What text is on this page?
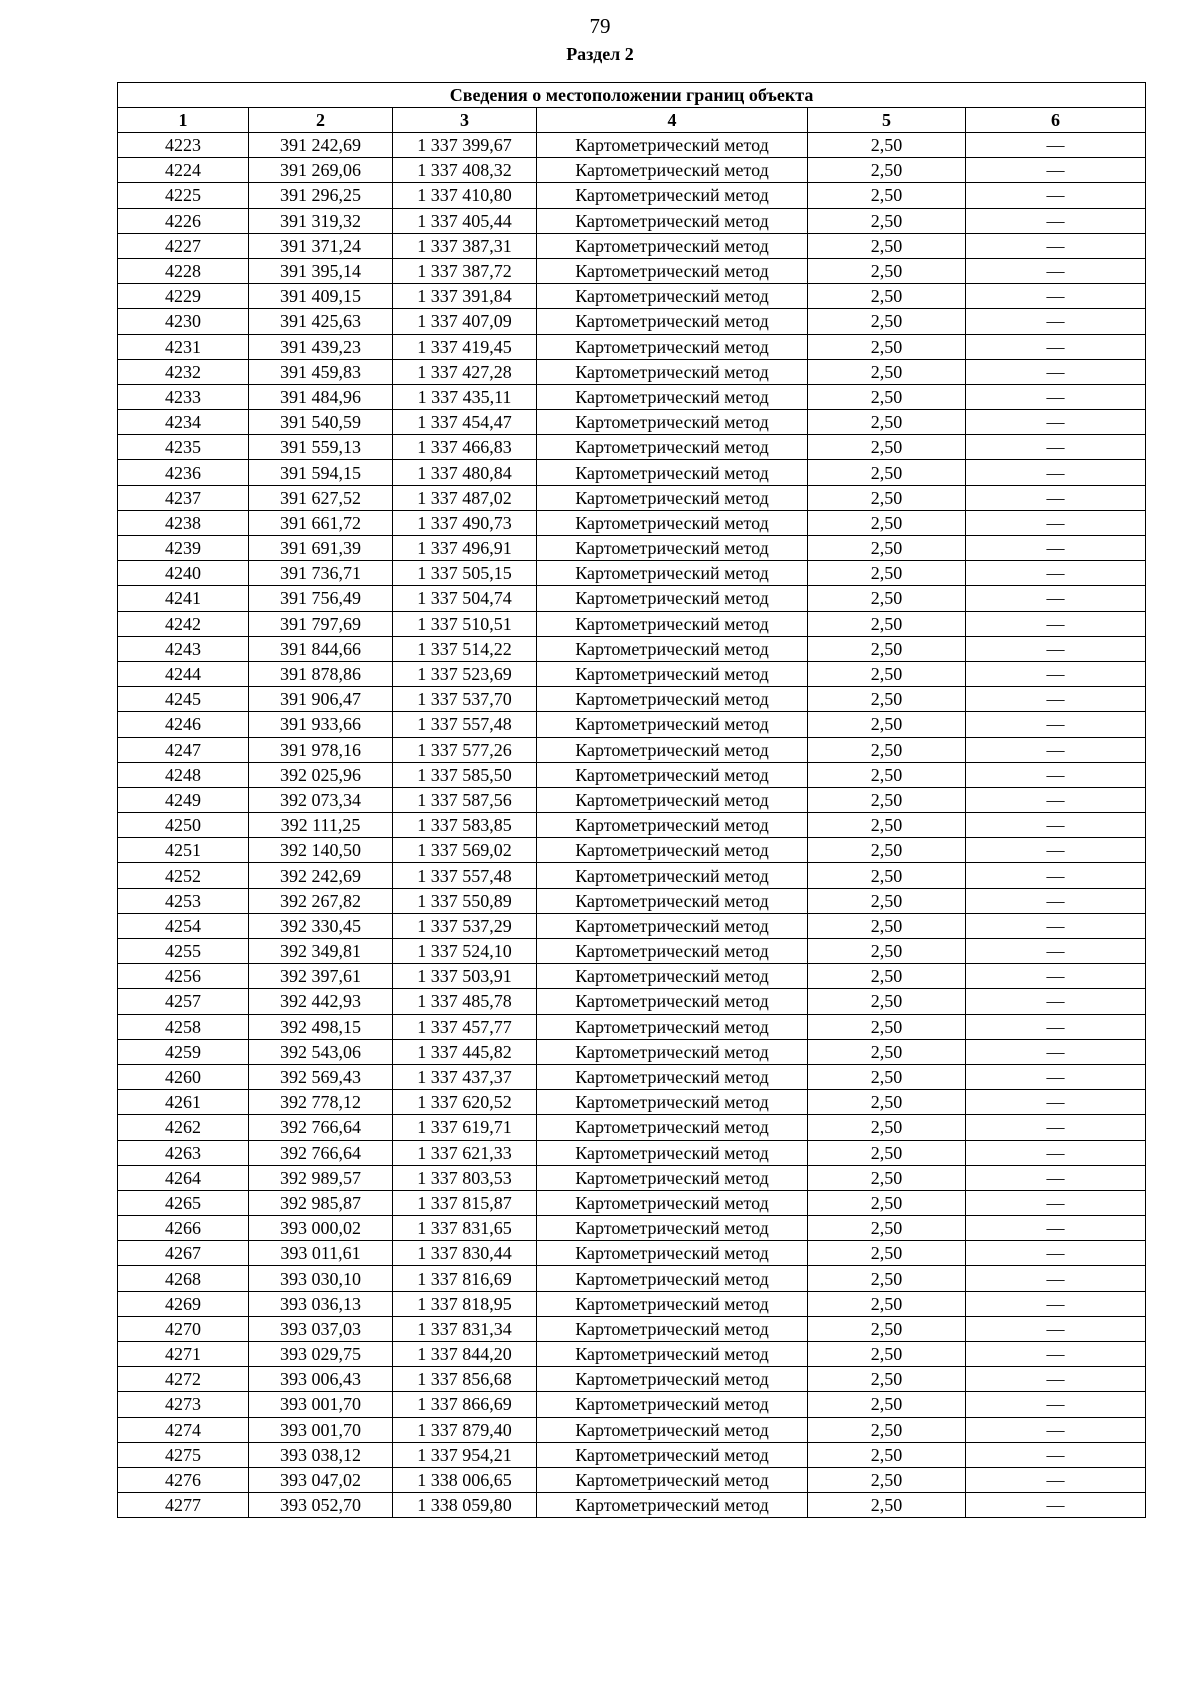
79
Раздел 2
Сведения о местоположении границ объекта					
1	2	3	4	5	6
4223	391 242,69	1 337 399,67	Картометрический метод	2,50	—
4224	391 269,06	1 337 408,32	Картометрический метод	2,50	—
4225	391 296,25	1 337 410,80	Картометрический метод	2,50	—
4226	391 319,32	1 337 405,44	Картометрический метод	2,50	—
4227	391 371,24	1 337 387,31	Картометрический метод	2,50	—
4228	391 395,14	1 337 387,72	Картометрический метод	2,50	—
4229	391 409,15	1 337 391,84	Картометрический метод	2,50	—
4230	391 425,63	1 337 407,09	Картометрический метод	2,50	—
4231	391 439,23	1 337 419,45	Картометрический метод	2,50	—
4232	391 459,83	1 337 427,28	Картометрический метод	2,50	—
4233	391 484,96	1 337 435,11	Картометрический метод	2,50	—
4234	391 540,59	1 337 454,47	Картометрический метод	2,50	—
4235	391 559,13	1 337 466,83	Картометрический метод	2,50	—
4236	391 594,15	1 337 480,84	Картометрический метод	2,50	—
4237	391 627,52	1 337 487,02	Картометрический метод	2,50	—
4238	391 661,72	1 337 490,73	Картометрический метод	2,50	—
4239	391 691,39	1 337 496,91	Картометрический метод	2,50	—
4240	391 736,71	1 337 505,15	Картометрический метод	2,50	—
4241	391 756,49	1 337 504,74	Картометрический метод	2,50	—
4242	391 797,69	1 337 510,51	Картометрический метод	2,50	—
4243	391 844,66	1 337 514,22	Картометрический метод	2,50	—
4244	391 878,86	1 337 523,69	Картометрический метод	2,50	—
4245	391 906,47	1 337 537,70	Картометрический метод	2,50	—
4246	391 933,66	1 337 557,48	Картометрический метод	2,50	—
4247	391 978,16	1 337 577,26	Картометрический метод	2,50	—
4248	392 025,96	1 337 585,50	Картометрический метод	2,50	—
4249	392 073,34	1 337 587,56	Картометрический метод	2,50	—
4250	392 111,25	1 337 583,85	Картометрический метод	2,50	—
4251	392 140,50	1 337 569,02	Картометрический метод	2,50	—
4252	392 242,69	1 337 557,48	Картометрический метод	2,50	—
4253	392 267,82	1 337 550,89	Картометрический метод	2,50	—
4254	392 330,45	1 337 537,29	Картометрический метод	2,50	—
4255	392 349,81	1 337 524,10	Картометрический метод	2,50	—
4256	392 397,61	1 337 503,91	Картометрический метод	2,50	—
4257	392 442,93	1 337 485,78	Картометрический метод	2,50	—
4258	392 498,15	1 337 457,77	Картометрический метод	2,50	—
4259	392 543,06	1 337 445,82	Картометрический метод	2,50	—
4260	392 569,43	1 337 437,37	Картометрический метод	2,50	—
4261	392 778,12	1 337 620,52	Картометрический метод	2,50	—
4262	392 766,64	1 337 619,71	Картометрический метод	2,50	—
4263	392 766,64	1 337 621,33	Картометрический метод	2,50	—
4264	392 989,57	1 337 803,53	Картометрический метод	2,50	—
4265	392 985,87	1 337 815,87	Картометрический метод	2,50	—
4266	393 000,02	1 337 831,65	Картометрический метод	2,50	—
4267	393 011,61	1 337 830,44	Картометрический метод	2,50	—
4268	393 030,10	1 337 816,69	Картометрический метод	2,50	—
4269	393 036,13	1 337 818,95	Картометрический метод	2,50	—
4270	393 037,03	1 337 831,34	Картометрический метод	2,50	—
4271	393 029,75	1 337 844,20	Картометрический метод	2,50	—
4272	393 006,43	1 337 856,68	Картометрический метод	2,50	—
4273	393 001,70	1 337 866,69	Картометрический метод	2,50	—
4274	393 001,70	1 337 879,40	Картометрический метод	2,50	—
4275	393 038,12	1 337 954,21	Картометрический метод	2,50	—
4276	393 047,02	1 338 006,65	Картометрический метод	2,50	—
4277	393 052,70	1 338 059,80	Картометрический метод	2,50	—
